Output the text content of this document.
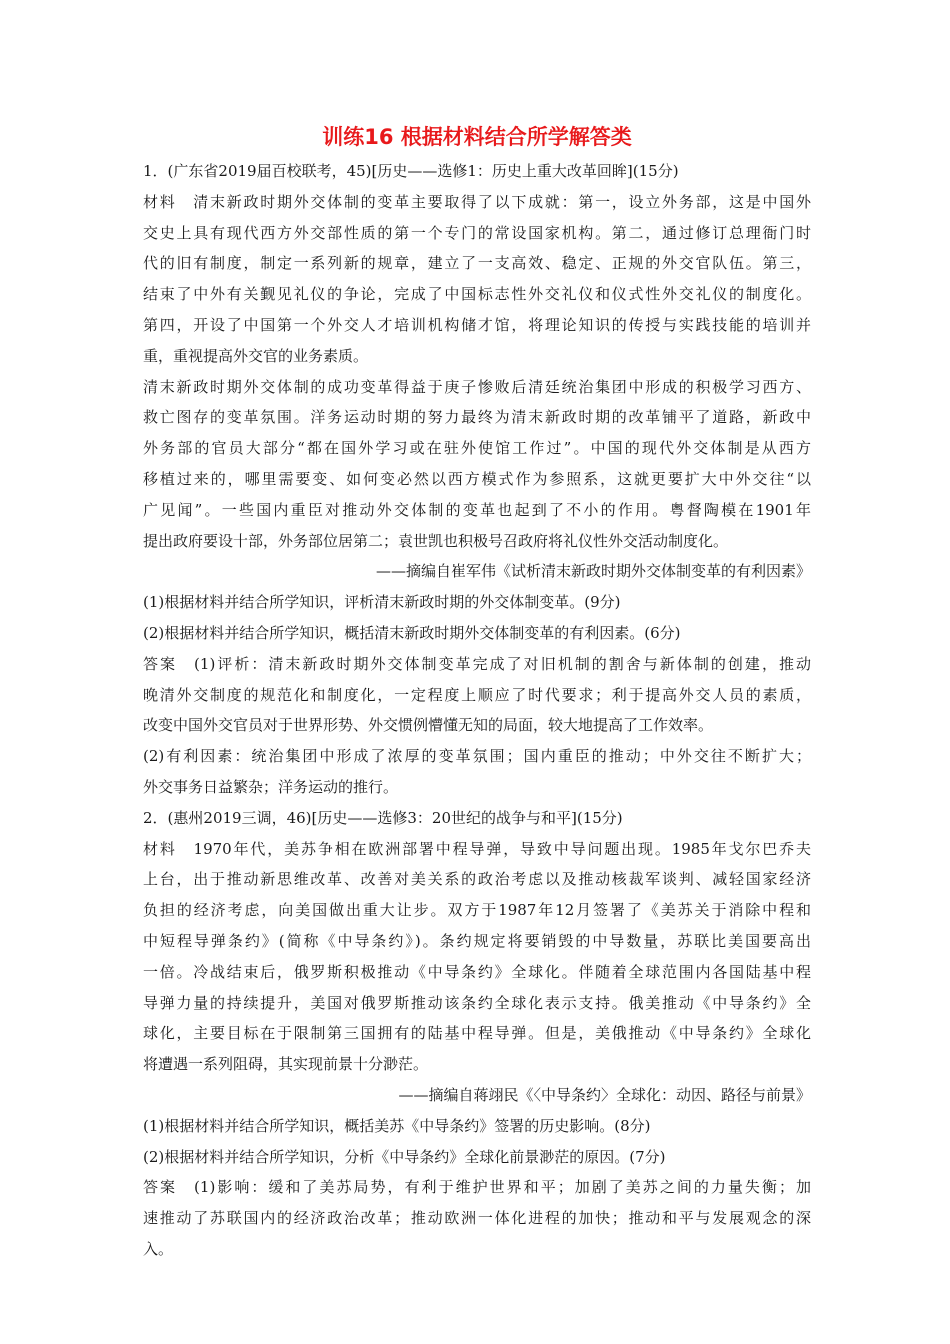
训练16 根据材料结合所学解答类
1．(广东省2019届百校联考，45)[历史——选修1：历史上重大改革回眸](15分)
材料　清末新政时期外交体制的变革主要取得了以下成就：第一，设立外务部，这是中国外
交史上具有现代西方外交部性质的第一个专门的常设国家机构。第二，通过修订总理衙门时
代的旧有制度，制定一系列新的规章，建立了一支高效、稳定、正规的外交官队伍。第三，
结束了中外有关觐见礼仪的争论，完成了中国标志性外交礼仪和仪式性外交礼仪的制度化。
第四，开设了中国第一个外交人才培训机构储才馆，将理论知识的传授与实践技能的培训并
重，重视提高外交官的业务素质。
清末新政时期外交体制的成功变革得益于庚子惨败后清廷统治集团中形成的积极学习西方、
救亡图存的变革氛围。洋务运动时期的努力最终为清末新政时期的改革铺平了道路，新政中
外务部的官员大部分“都在国外学习或在驻外使馆工作过”。中国的现代外交体制是从西方
移植过来的，哪里需要变、如何变必然以西方模式作为参照系，这就更要扩大中外交往“以
广见闻”。一些国内重臣对推动外交体制的变革也起到了不小的作用。粤督陶模在1901年
提出政府要设十部，外务部位居第二；袁世凯也积极号召政府将礼仪性外交活动制度化。
——摘编自崔军伟《试析清末新政时期外交体制变革的有利因素》
(1)根据材料并结合所学知识，评析清末新政时期的外交体制变革。(9分)
(2)根据材料并结合所学知识，概括清末新政时期外交体制变革的有利因素。(6分)
答案　(1)评析：清末新政时期外交体制变革完成了对旧机制的割舍与新体制的创建，推动
晚清外交制度的规范化和制度化，一定程度上顺应了时代要求；利于提高外交人员的素质，
改变中国外交官员对于世界形势、外交惯例懵懂无知的局面，较大地提高了工作效率。
(2)有利因素：统治集团中形成了浓厚的变革氛围；国内重臣的推动；中外交往不断扩大；
外交事务日益繁杂；洋务运动的推行。
2．(惠州2019三调，46)[历史——选修3：20世纪的战争与和平](15分)
材料　1970年代，美苏争相在欧洲部署中程导弹，导致中导问题出现。1985年戈尔巴乔夫
上台，出于推动新思维改革、改善对美关系的政治考虑以及推动核裁军谈判、减轻国家经济
负担的经济考虑，向美国做出重大让步。双方于1987年12月签署了《美苏关于消除中程和
中短程导弹条约》(简称《中导条约》)。条约规定将要销毁的中导数量，苏联比美国要高出
一倍。冷战结束后，俄罗斯积极推动《中导条约》全球化。伴随着全球范围内各国陆基中程
导弹力量的持续提升，美国对俄罗斯推动该条约全球化表示支持。俄美推动《中导条约》全
球化，主要目标在于限制第三国拥有的陆基中程导弹。但是，美俄推动《中导条约》全球化
将遭遇一系列阻碍，其实现前景十分渺茫。
——摘编自蒋翊民《〈中导条约〉全球化：动因、路径与前景》
(1)根据材料并结合所学知识，概括美苏《中导条约》签署的历史影响。(8分)
(2)根据材料并结合所学知识，分析《中导条约》全球化前景渺茫的原因。(7分)
答案　(1)影响：缓和了美苏局势，有利于维护世界和平；加剧了美苏之间的力量失衡；加
速推动了苏联国内的经济政治改革；推动欧洲一体化进程的加快；推动和平与发展观念的深
入。
